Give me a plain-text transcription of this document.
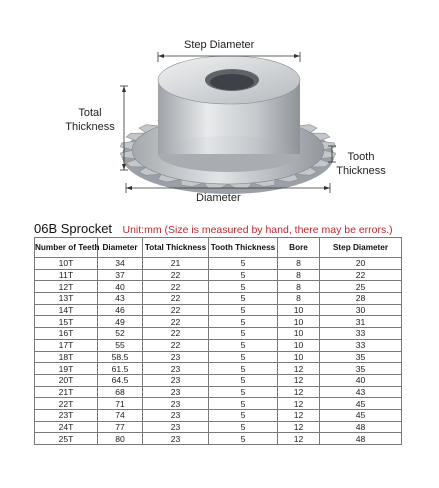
Step Diameter
Total
Thickness
Tooth
Thickness
Diameter
06B Sprocket Unit:mm (Size is measured by hand, there may be errors.)
Number of Teeth	Diameter	Total Thickness	Tooth Thickness	Bore	Step Diameter
10T	34	21	5	8	20
11T	37	22	5	8	22
12T	40	22	5	8	25
13T	43	22	5	8	28
14T	46	22	5	10	30
15T	49	22	5	10	31
16T	52	22	5	10	33
17T	55	22	5	10	33
18T	58.5	23	5	10	35
19T	61.5	23	5	12	35
20T	64.5	23	5	12	40
21T	68	23	5	12	43
22T	71	23	5	12	45
23T	74	23	5	12	45
24T	77	23	5	12	48
25T	80	23	5	12	48
